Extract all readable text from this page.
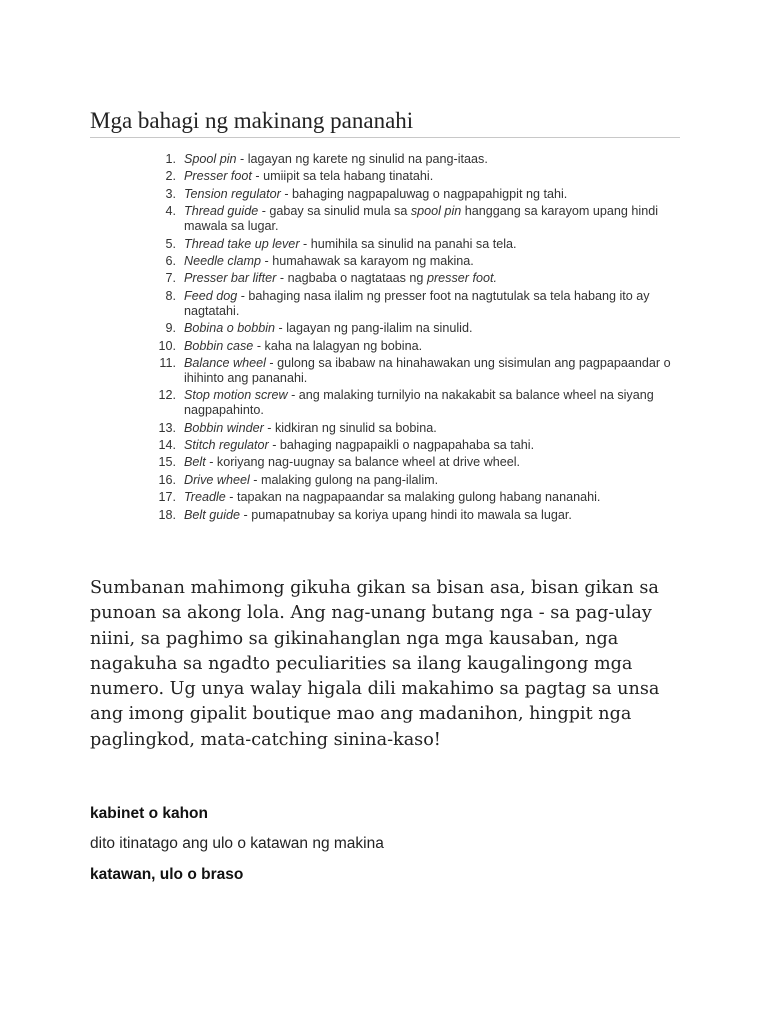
Mga bahagi ng makinang pananahi
1. Spool pin - lagayan ng karete ng sinulid na pang-itaas.
2. Presser foot - umiipit sa tela habang tinatahi.
3. Tension regulator - bahaging nagpapaluwag o nagpapahigpit ng tahi.
4. Thread guide - gabay sa sinulid mula sa spool pin hanggang sa karayom upang hindi mawala sa lugar.
5. Thread take up lever - humihila sa sinulid na panahi sa tela.
6. Needle clamp - humahawak sa karayom ng makina.
7. Presser bar lifter - nagbaba o nagtataas ng presser foot.
8. Feed dog - bahaging nasa ilalim ng presser foot na nagtutulak sa tela habang ito ay nagtatahi.
9. Bobina o bobbin - lagayan ng pang-ilalim na sinulid.
10. Bobbin case - kaha na lalagyan ng bobina.
11. Balance wheel - gulong sa ibabaw na hinahawakan ung sisimulan ang pagpapaandar o ihihinto ang pananahi.
12. Stop motion screw - ang malaking turnilyio na nakakabit sa balance wheel na siyang nagpapahinto.
13. Bobbin winder - kidkiran ng sinulid sa bobina.
14. Stitch regulator - bahaging nagpapaikli o nagpapahaba sa tahi.
15. Belt - koriyang nag-uugnay sa balance wheel at drive wheel.
16. Drive wheel - malaking gulong na pang-ilalim.
17. Treadle - tapakan na nagpapaandar sa malaking gulong habang nananahi.
18. Belt guide - pumapatnubay sa koriya upang hindi ito mawala sa lugar.

Sumbanan mahimong gikuha gikan sa bisan asa, bisan gikan sa punoan sa akong lola. Ang nag-unang butang nga - sa pag-ulay niini, sa paghimo sa gikinahanglan nga mga kausaban, nga nagakuha sa ngadto peculiarities sa ilang kaugalingong mga numero. Ug unya walay higala dili makahimo sa pagtag sa unsa ang imong gipalit boutique mao ang madanihon, hingpit nga paglingkod, mata-catching sinina-kaso!

kabinet o kahon

dito itinatago ang ulo o katawan ng makina

katawan, ulo o braso
